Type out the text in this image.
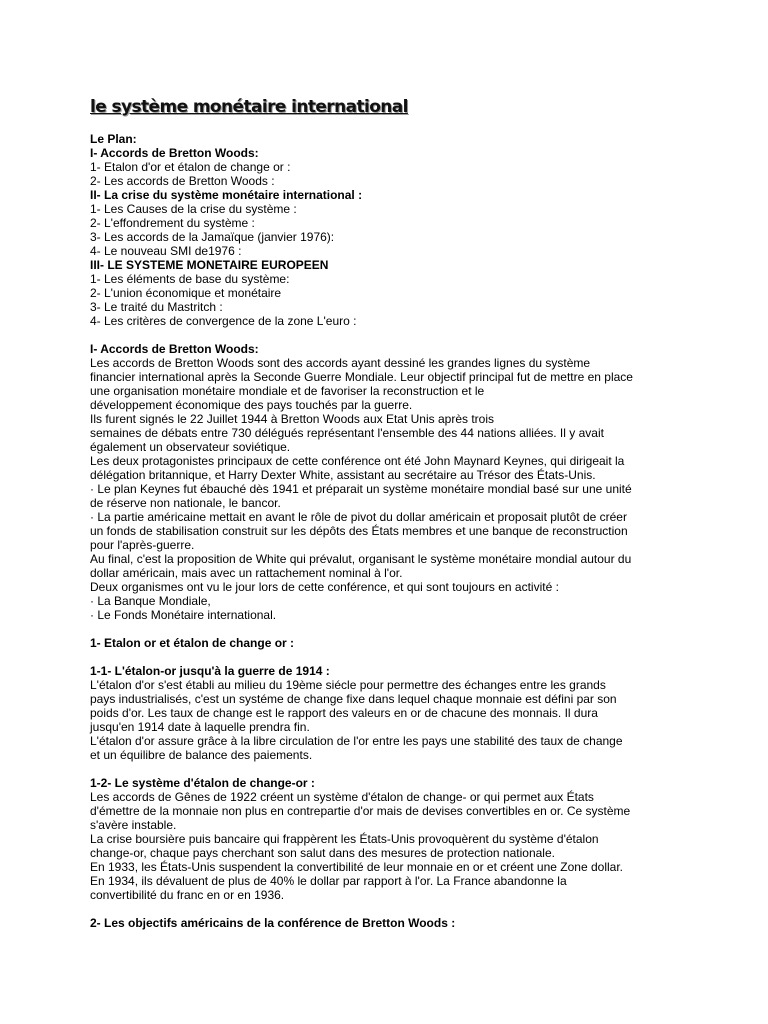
le système monétaire international
Le Plan:
I- Accords de Bretton Woods:
1- Etalon d'or et étalon de change or :
2- Les accords de Bretton Woods :
II- La crise du système monétaire international :
1- Les Causes de la crise du système :
2- L'effondrement du système :
3- Les accords de la Jamaïque (janvier 1976):
4- Le nouveau SMI de1976 :
III- LE SYSTEME MONETAIRE EUROPEEN
1- Les éléments de base du système:
2- L'union économique et monétaire
3- Le traité du Mastritch :
4- Les critères de convergence de la zone L'euro :
I- Accords de Bretton Woods:
Les accords de Bretton Woods sont des accords ayant dessiné les grandes lignes du système
financier international après la Seconde Guerre Mondiale. Leur objectif principal fut de mettre en place
une organisation monétaire mondiale et de favoriser la reconstruction et le
développement économique des pays touchés par la guerre.
Ils furent signés le 22 Juillet 1944 à Bretton Woods aux Etat Unis après trois
semaines de débats entre 730 délégués représentant l'ensemble des 44 nations alliées. Il y avait
également un observateur soviétique.
Les deux protagonistes principaux de cette conférence ont été John Maynard Keynes, qui dirigeait la
délégation britannique, et Harry Dexter White, assistant au secrétaire au Trésor des États-Unis.
· Le plan Keynes fut ébauché dès 1941 et préparait un système monétaire mondial basé sur une unité
de réserve non nationale, le bancor.
· La partie américaine mettait en avant le rôle de pivot du dollar américain et proposait plutôt de créer
un fonds de stabilisation construit sur les dépôts des États membres et une banque de reconstruction
pour l'après-guerre.
Au final, c'est la proposition de White qui prévalut, organisant le système monétaire mondial autour du
dollar américain, mais avec un rattachement nominal à l'or.
Deux organismes ont vu le jour lors de cette conférence, et qui sont toujours en activité :
· La Banque Mondiale,
· Le Fonds Monétaire international.
1- Etalon or et étalon de change or :
1-1- L'étalon-or jusqu'à la guerre de 1914 :
L'étalon d'or s'est établi au milieu du 19ème siécle pour permettre des échanges entre les grands
pays industrialisés, c'est un systéme de change fixe dans lequel chaque monnaie est défini par son
poids d'or. Les taux de change est le rapport des valeurs en or de chacune des monnais. Il dura
jusqu'en 1914 date à laquelle prendra fin.
L'étalon d'or assure grâce à la libre circulation de l'or entre les pays une stabilité des taux de change
et un équilibre de balance des paiements.
1-2- Le système d'étalon de change-or :
Les accords de Gênes de 1922 créent un système d'étalon de change- or qui permet aux États
d'émettre de la monnaie non plus en contrepartie d'or mais de devises convertibles en or. Ce système
s'avère instable.
La crise boursière puis bancaire qui frappèrent les États-Unis provoquèrent du système d'étalon
change-or, chaque pays cherchant son salut dans des mesures de protection nationale.
En 1933, les États-Unis suspendent la convertibilité de leur monnaie en or et créent une Zone dollar.
En 1934, ils dévaluent de plus de 40% le dollar par rapport à l'or. La France abandonne la
convertibilité du franc en or en 1936.
2- Les objectifs américains de la conférence de Bretton Woods :
